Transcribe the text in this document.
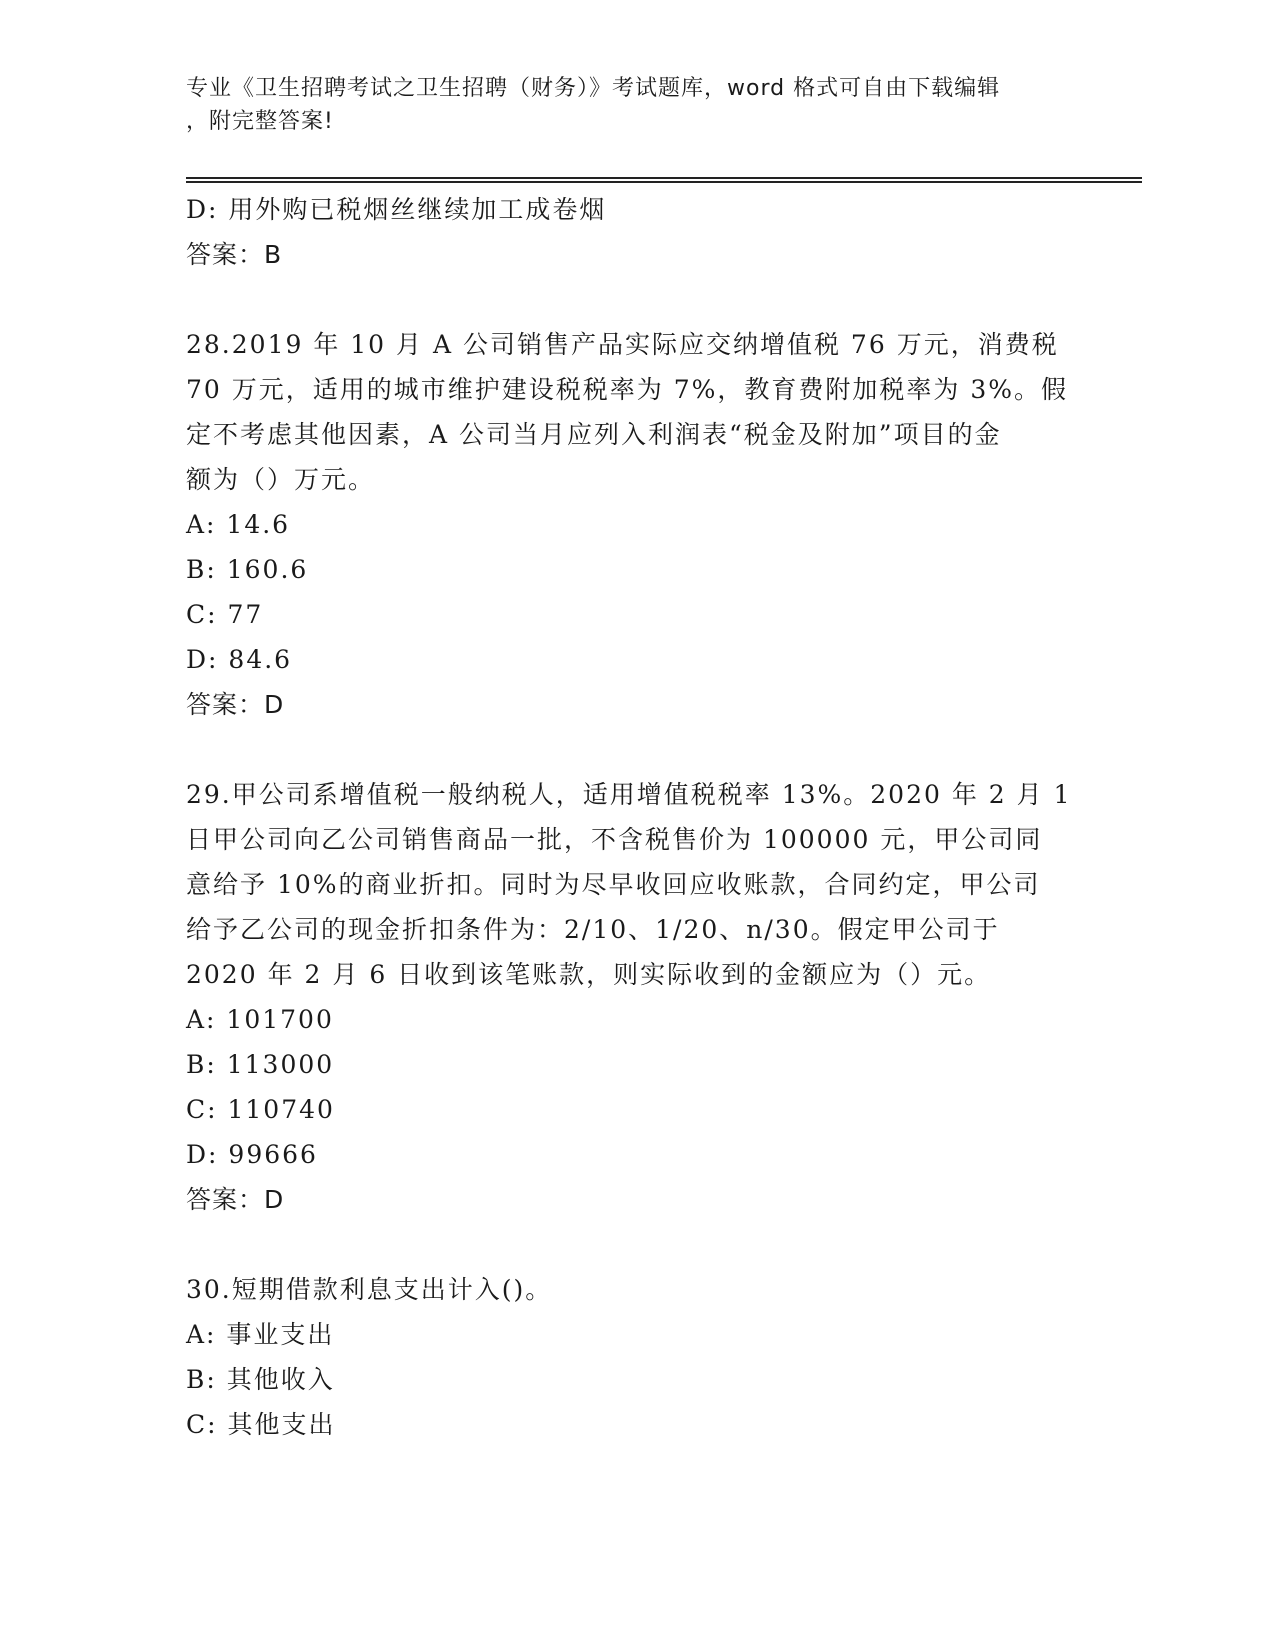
专业《卫生招聘考试之卫生招聘（财务）》考试题库，word 格式可自由下载编辑
，附完整答案!
D: 用外购已税烟丝继续加工成卷烟
答案：B
28.2019 年 10 月 A 公司销售产品实际应交纳增值税 76 万元，消费税
70 万元，适用的城市维护建设税税率为 7%，教育费附加税率为 3%。假
定不考虑其他因素，A 公司当月应列入利润表“税金及附加”项目的金
额为（）万元。
A: 14.6
B: 160.6
C: 77
D: 84.6
答案：D
29.甲公司系增值税一般纳税人，适用增值税税率 13%。2020 年 2 月 1
日甲公司向乙公司销售商品一批，不含税售价为 100000 元，甲公司同
意给予 10%的商业折扣。同时为尽早收回应收账款，合同约定，甲公司
给予乙公司的现金折扣条件为：2/10、1/20、n/30。假定甲公司于
2020 年 2 月 6 日收到该笔账款，则实际收到的金额应为（）元。
A: 101700
B: 113000
C: 110740
D: 99666
答案：D
30.短期借款利息支出计入()。
A: 事业支出
B: 其他收入
C: 其他支出
